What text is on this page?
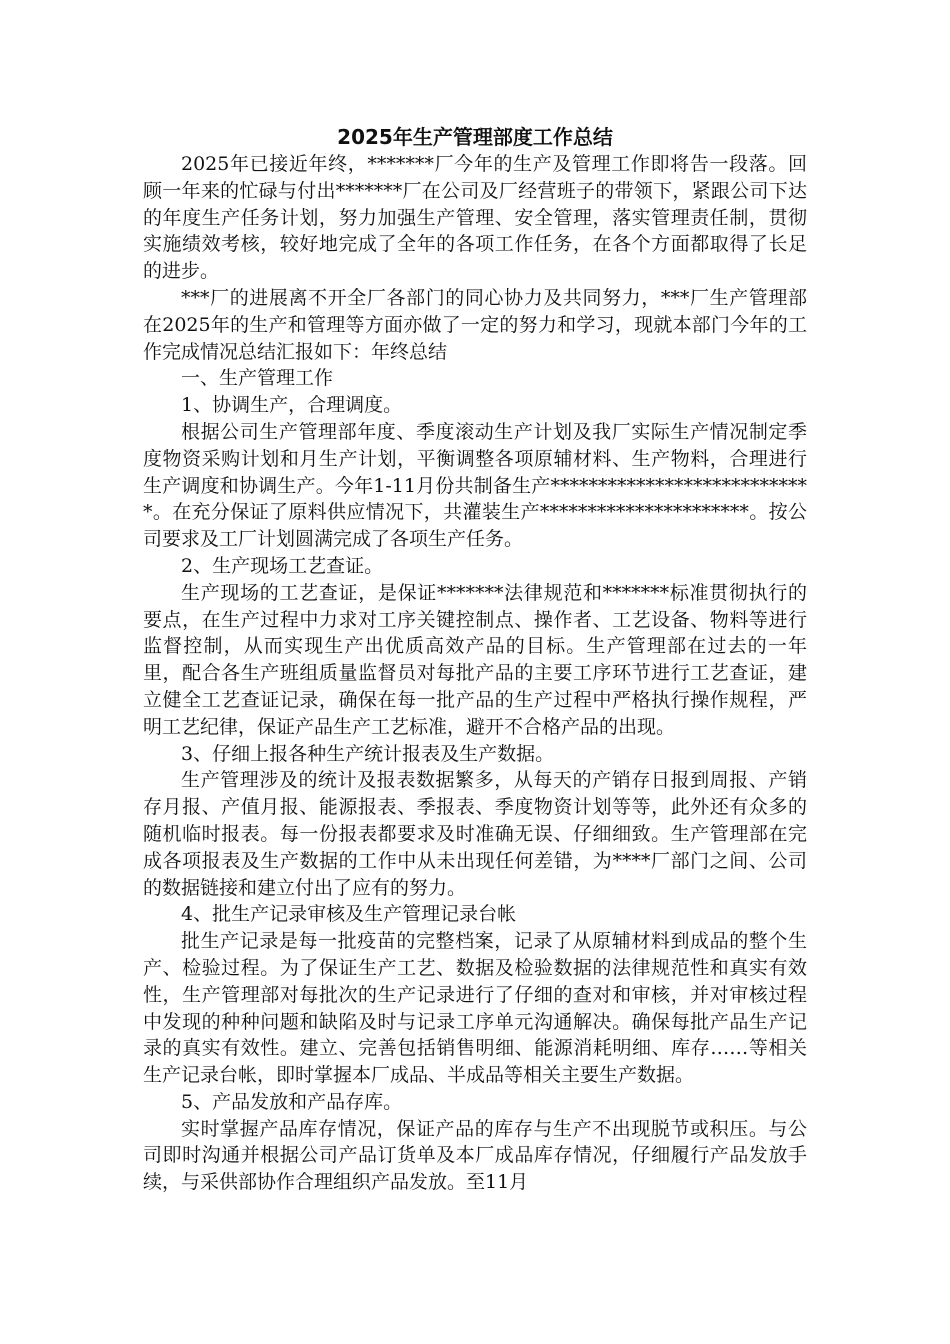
2025年生产管理部度工作总结

2025年已接近年终，*******厂今年的生产及管理工作即将告一段落。回顾一年来的忙碌与付出*******厂在公司及厂经营班子的带领下，紧跟公司下达的年度生产任务计划，努力加强生产管理、安全管理，落实管理责任制，贯彻实施绩效考核，较好地完成了全年的各项工作任务，在各个方面都取得了长足的进步。

***厂的进展离不开全厂各部门的同心协力及共同努力，***厂生产管理部在2025年的生产和管理等方面亦做了一定的努力和学习，现就本部门今年的工作完成情况总结汇报如下：年终总结

一、生产管理工作

1、协调生产，合理调度。

根据公司生产管理部年度、季度滚动生产计划及我厂实际生产情况制定季度物资采购计划和月生产计划，平衡调整各项原辅材料、生产物料，合理进行生产调度和协调生产。今年1-11月份共制备生产****************************。在充分保证了原料供应情况下，共灌装生产**********************。按公司要求及工厂计划圆满完成了各项生产任务。

2、生产现场工艺查证。

生产现场的工艺查证，是保证*******法律规范和*******标准贯彻执行的要点，在生产过程中力求对工序关键控制点、操作者、工艺设备、物料等进行监督控制，从而实现生产出优质高效产品的目标。生产管理部在过去的一年里，配合各生产班组质量监督员对每批产品的主要工序环节进行工艺查证，建立健全工艺查证记录，确保在每一批产品的生产过程中严格执行操作规程，严明工艺纪律，保证产品生产工艺标准，避开不合格产品的出现。

3、仔细上报各种生产统计报表及生产数据。

生产管理涉及的统计及报表数据繁多，从每天的产销存日报到周报、产销存月报、产值月报、能源报表、季报表、季度物资计划等等，此外还有众多的随机临时报表。每一份报表都要求及时准确无误、仔细细致。生产管理部在完成各项报表及生产数据的工作中从未出现任何差错，为****厂部门之间、公司的数据链接和建立付出了应有的努力。

4、批生产记录审核及生产管理记录台帐

批生产记录是每一批疫苗的完整档案，记录了从原辅材料到成品的整个生产、检验过程。为了保证生产工艺、数据及检验数据的法律规范性和真实有效性，生产管理部对每批次的生产记录进行了仔细的查对和审核，并对审核过程中发现的种种问题和缺陷及时与记录工序单元沟通解决。确保每批产品生产记录的真实有效性。建立、完善包括销售明细、能源消耗明细、库存……等相关生产记录台帐，即时掌握本厂成品、半成品等相关主要生产数据。

5、产品发放和产品存库。

实时掌握产品库存情况，保证产品的库存与生产不出现脱节或积压。与公司即时沟通并根据公司产品订货单及本厂成品库存情况，仔细履行产品发放手续，与采供部协作合理组织产品发放。至11月
